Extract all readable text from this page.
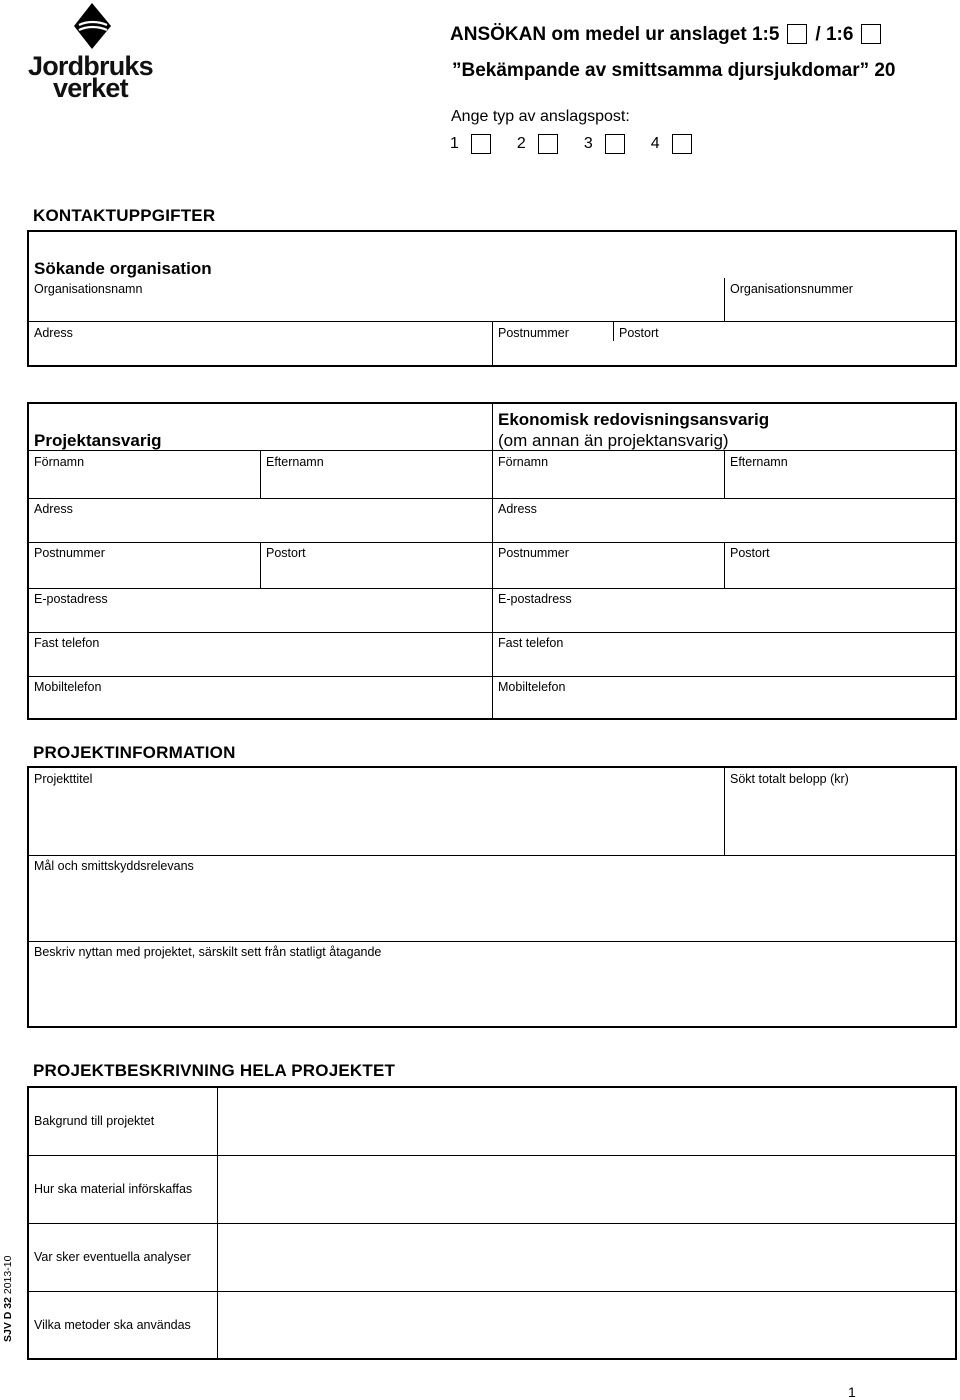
Jordbruks
verket
ANSÖKAN om medel ur anslaget 1:5 / 1:6
”Bekämpande av smittsamma djursjukdomar” 20
Ange typ av anslagspost:
1	2	3	4
KONTAKTUPPGIFTER
Sökande organisation
Organisationsnamn	Organisationsnummer
Adress	Postnummer	Postort
Projektansvarig
Ekonomisk redovisningsansvarig
(om annan än projektansvarig)
Förnamn	Efternamn	Förnamn	Efternamn
Adress	Adress
Postnummer	Postort	Postnummer	Postort
E-postadress	E-postadress
Fast telefon	Fast telefon
Mobiltelefon	Mobiltelefon
PROJEKTINFORMATION
Projekttitel	Sökt totalt belopp (kr)
Mål och smittskyddsrelevans
Beskriv nyttan med projektet, särskilt sett från statligt åtagande
PROJEKTBESKRIVNING HELA PROJEKTET
Bakgrund till projektet
Hur ska material införskaffas
Var sker eventuella analyser
Vilka metoder ska användas
SJV D 32 2013-10
1
